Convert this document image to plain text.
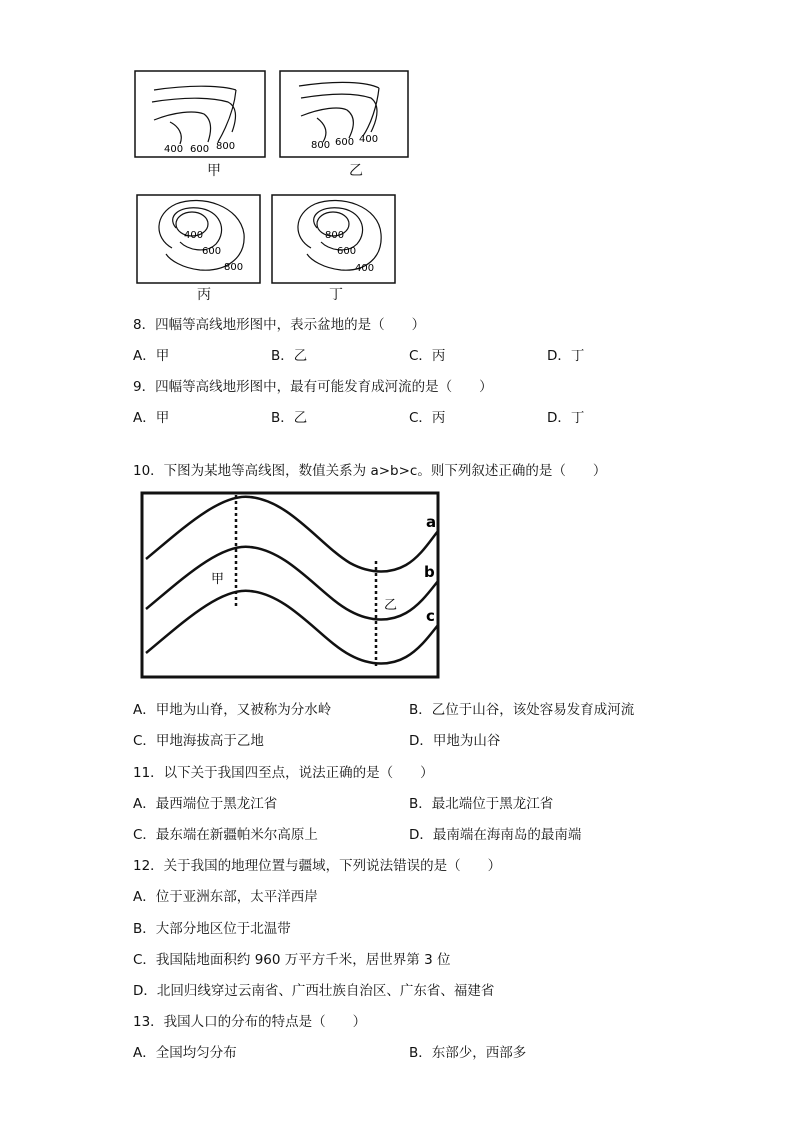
400 600 800
甲
800 600 400
乙
400
600
800
丙
800
600
400
丁
8．四幅等高线地形图中，表示盆地的是（　　）
A．甲	B．乙	C．丙	D．丁
9．四幅等高线地形图中，最有可能发育成河流的是（　　）
A．甲	B．乙	C．丙	D．丁
10．下图为某地等高线图，数值关系为 a>b>c。则下列叙述正确的是（　　）
甲
乙
a
b
c
A．甲地为山脊，又被称为分水岭	B．乙位于山谷，该处容易发育成河流
C．甲地海拔高于乙地	D．甲地为山谷
11．以下关于我国四至点，说法正确的是（　　）
A．最西端位于黑龙江省	B．最北端位于黑龙江省
C．最东端在新疆帕米尔高原上	D．最南端在海南岛的最南端
12．关于我国的地理位置与疆域，下列说法错误的是（　　）
A．位于亚洲东部，太平洋西岸
B．大部分地区位于北温带
C．我国陆地面积约 960 万平方千米，居世界第 3 位
D．北回归线穿过云南省、广西壮族自治区、广东省、福建省
13．我国人口的分布的特点是（　　）
A．全国均匀分布	B．东部少，西部多
